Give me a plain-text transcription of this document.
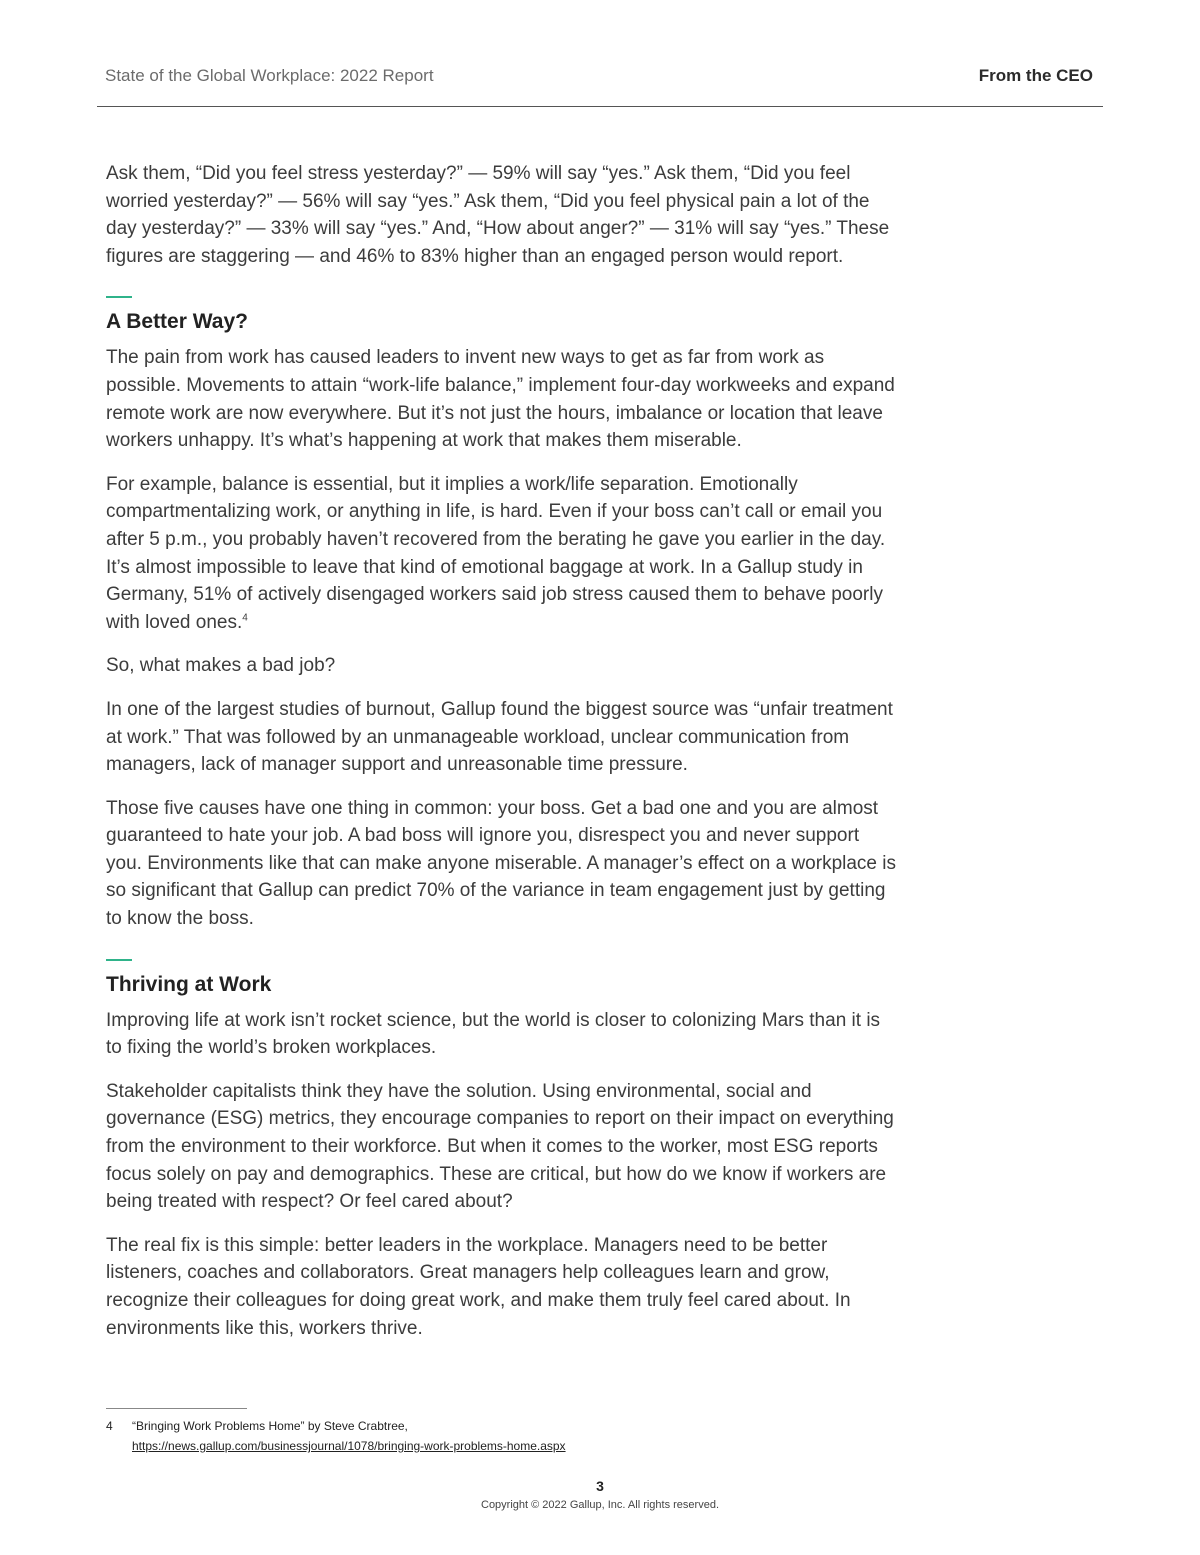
State of the Global Workplace: 2022 Report	From the CEO

Ask them, “Did you feel stress yesterday?” — 59% will say “yes.” Ask them, “Did you feel worried yesterday?” — 56% will say “yes.” Ask them, “Did you feel physical pain a lot of the day yesterday?” — 33% will say “yes.” And, “How about anger?” — 31% will say “yes.” These figures are staggering — and 46% to 83% higher than an engaged person would report.

A Better Way?

The pain from work has caused leaders to invent new ways to get as far from work as possible. Movements to attain “work-life balance,” implement four-day workweeks and expand remote work are now everywhere. But it’s not just the hours, imbalance or location that leave workers unhappy. It’s what’s happening at work that makes them miserable.

For example, balance is essential, but it implies a work/life separation. Emotionally compartmentalizing work, or anything in life, is hard. Even if your boss can’t call or email you after 5 p.m., you probably haven’t recovered from the berating he gave you earlier in the day. It’s almost impossible to leave that kind of emotional baggage at work. In a Gallup study in Germany, 51% of actively disengaged workers said job stress caused them to behave poorly with loved ones.$^4$

So, what makes a bad job?

In one of the largest studies of burnout, Gallup found the biggest source was “unfair treatment at work.” That was followed by an unmanageable workload, unclear communication from managers, lack of manager support and unreasonable time pressure.

Those five causes have one thing in common: your boss. Get a bad one and you are almost guaranteed to hate your job. A bad boss will ignore you, disrespect you and never support you. Environments like that can make anyone miserable. A manager’s effect on a workplace is so significant that Gallup can predict 70% of the variance in team engagement just by getting to know the boss.

Thriving at Work

Improving life at work isn’t rocket science, but the world is closer to colonizing Mars than it is to fixing the world’s broken workplaces.

Stakeholder capitalists think they have the solution. Using environmental, social and governance (ESG) metrics, they encourage companies to report on their impact on everything from the environment to their workforce. But when it comes to the worker, most ESG reports focus solely on pay and demographics. These are critical, but how do we know if workers are being treated with respect? Or feel cared about?

The real fix is this simple: better leaders in the workplace. Managers need to be better listeners, coaches and collaborators. Great managers help colleagues learn and grow, recognize their colleagues for doing great work, and make them truly feel cared about. In environments like this, workers thrive.

4 “Bringing Work Problems Home” by Steve Crabtree,
https://news.gallup.com/businessjournal/1078/bringing-work-problems-home.aspx
3
Copyright © 2022 Gallup, Inc. All rights reserved.
